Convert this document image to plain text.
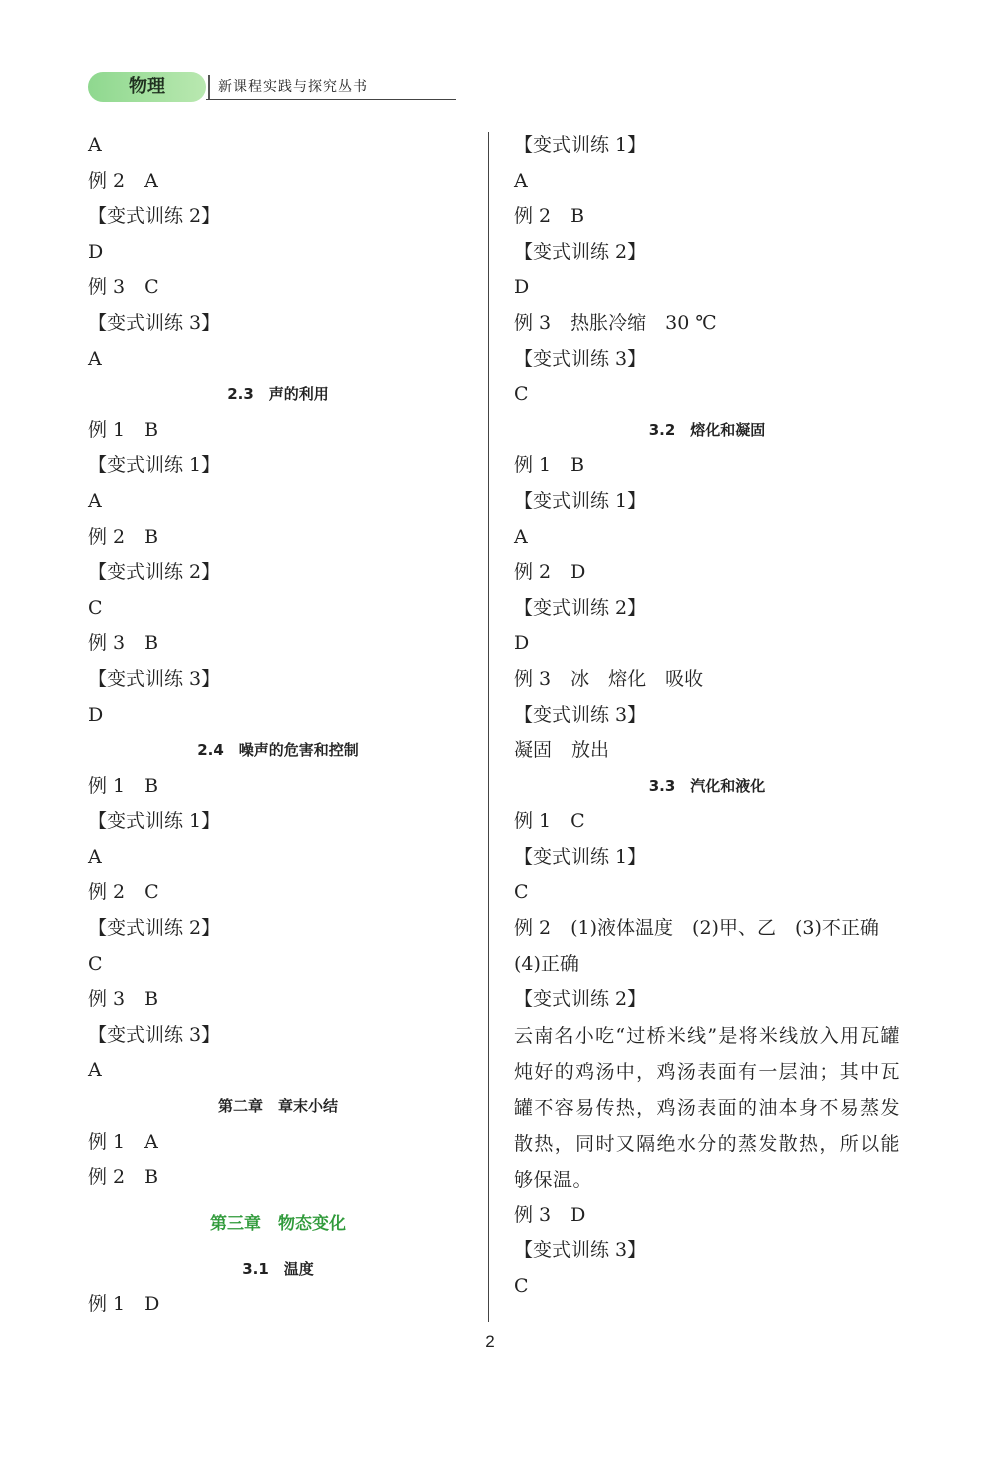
物理	新课程实践与探究丛书
A
例 2　A
【变式训练 2】
D
例 3　C
【变式训练 3】
A
2.3　声的利用
例 1　B
【变式训练 1】
A
例 2　B
【变式训练 2】
C
例 3　B
【变式训练 3】
D
2.4　噪声的危害和控制
例 1　B
【变式训练 1】
A
例 2　C
【变式训练 2】
C
例 3　B
【变式训练 3】
A
第二章　章末小结
例 1　A
例 2　B
第三章　物态变化
3.1　温度
例 1　D
【变式训练 1】
A
例 2　B
【变式训练 2】
D
例 3　热胀冷缩　30 ℃
【变式训练 3】
C
3.2　熔化和凝固
例 1　B
【变式训练 1】
A
例 2　D
【变式训练 2】
D
例 3　冰　熔化　吸收
【变式训练 3】
凝固　放出
3.3　汽化和液化
例 1　C
【变式训练 1】
C
例 2　(1)液体温度　(2)甲、乙　(3)不正确
(4)正确
【变式训练 2】
云南名小吃“过桥米线”是将米线放入用瓦罐炖好的鸡汤中，鸡汤表面有一层油；其中瓦罐不容易传热，鸡汤表面的油本身不易蒸发散热，同时又隔绝水分的蒸发散热，所以能够保温。
例 3　D
【变式训练 3】
C
2
